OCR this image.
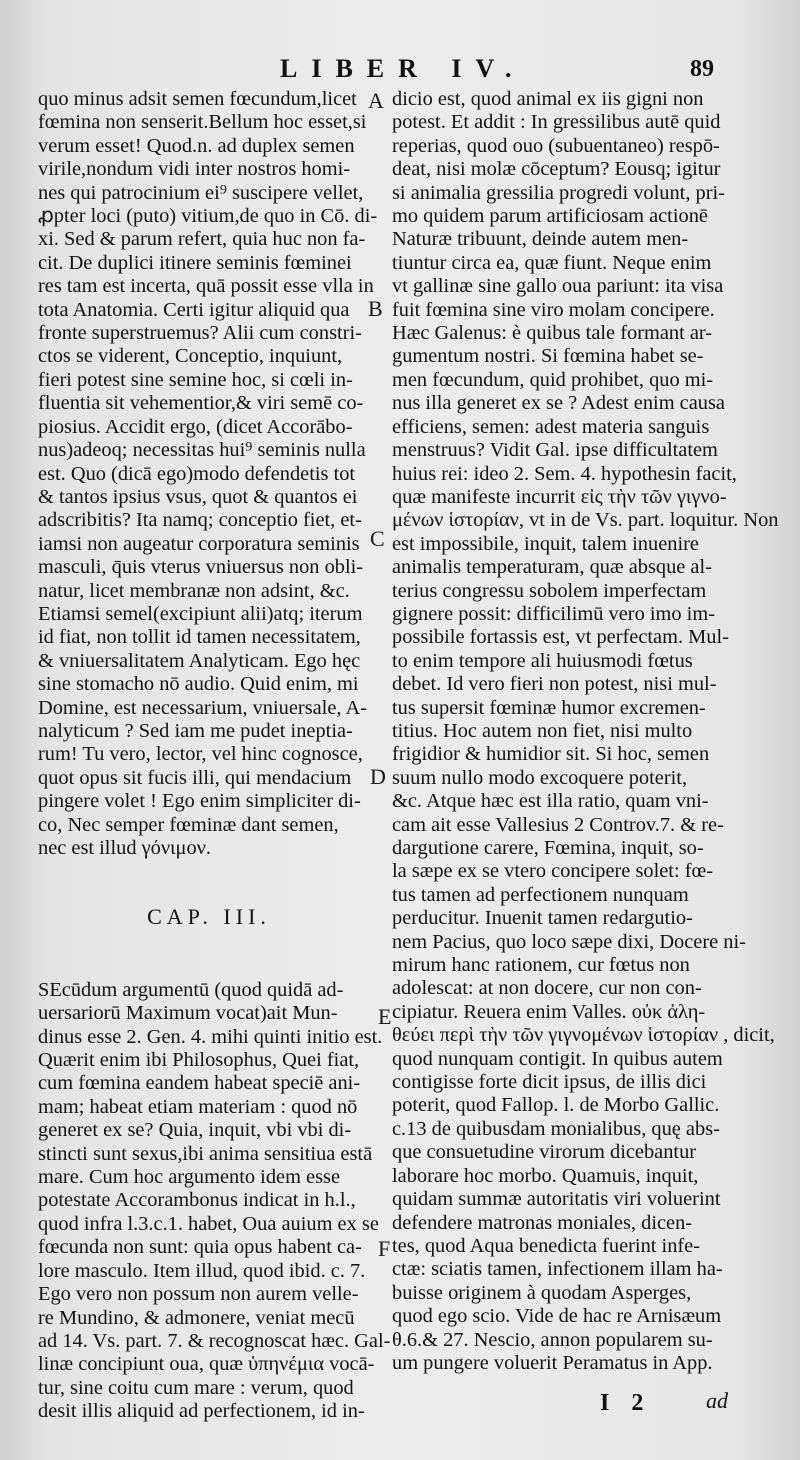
LIBER IV.	89
quo minus adsit semen fœcundum,licet
fœmina non senserit.Bellum hoc esset,si
verum esset! Quod.n. ad duplex semen
virile,nondum vidi inter nostros homi-
nes qui patrocinium ei⁹ suscipere vellet,
ꝓpter loci (puto) vitium,de quo in Cō. di-
xi. Sed & parum refert, quia huc non fa-
cit. De duplici itinere seminis fœminei
res tam est incerta, quā possit esse vlla in
tota Anatomia. Certi igitur aliquid qua
fronte superstruemus? Alii cum constri-
ctos se viderent, Conceptio, inquiunt,
fieri potest sine semine hoc, si cœli in-
fluentia sit vehementior,& viri semē co-
piosius. Accidit ergo, (dicet Accorābo-
nus)adeoq; necessitas hui⁹ seminis nulla
est. Quo (dicā ego)modo defendetis tot
& tantos ipsius vsus, quot & quantos ei
adscribitis? Ita namq; conceptio fiet, et-
iamsi non augeatur corporatura seminis
masculi, q̄uis vterus vniuersus non obli-
natur, licet membranæ non adsint, &c.
Etiamsi semel(excipiunt alii)atq; iterum
id fiat, non tollit id tamen necessitatem,
& vniuersalitatem Analyticam. Ego hęc
sine stomacho nō audio. Quid enim, mi
Domine, est necessarium, vniuersale, A-
nalyticum ? Sed iam me pudet ineptia-
rum! Tu vero, lector, vel hinc cognosce,
quot opus sit fucis illi, qui mendacium
pingere volet ! Ego enim simpliciter di-
co, Nec semper fœminæ dant semen,
nec est illud γόνιμον.
CAP. III.
SEcūdum argumentū (quod quidā ad-
uersariorū Maximum vocat)ait Mun-
dinus esse 2. Gen. 4. mihi quinti initio est.
Quærit enim ibi Philosophus, Quei fiat,
cum fœmina eandem habeat speciē ani-
mam; habeat etiam materiam : quod nō
generet ex se? Quia, inquit, vbi vbi di-
stincti sunt sexus,ibi anima sensitiua estā
mare. Cum hoc argumento idem esse
potestate Accorambonus indicat in h.l.,
quod infra l.3.c.1. habet, Oua auium ex se
fœcunda non sunt: quia opus habent ca-
lore masculo. Item illud, quod ibid. c. 7.
Ego vero non possum non aurem velle-
re Mundino, & admonere, veniat mecū
ad 14. Vs. part. 7. & recognoscat hæc. Gal-
linæ concipiunt oua, quæ ὑπηνέμια vocā-
tur, sine coitu cum mare : verum, quod
desit illis aliquid ad perfectionem, id in-
dicio est, quod animal ex iis gigni non
potest. Et addit : In gressilibus autē quid
reperias, quod ouo (subuentaneo) respō-
deat, nisi molæ cōceptum? Eousq; igitur
si animalia gressilia progredi volunt, pri-
mo quidem parum artificiosam actionē
Naturæ tribuunt, deinde autem men-
tiuntur circa ea, quæ fiunt. Neque enim
vt gallinæ sine gallo oua pariunt: ita visa
fuit fœmina sine viro molam concipere.
Hæc Galenus: è quibus tale formant ar-
gumentum nostri. Si fœmina habet se-
men fœcundum, quid prohibet, quo mi-
nus illa generet ex se ? Adest enim causa
efficiens, semen: adest materia sanguis
menstruus? Vidit Gal. ipse difficultatem
huius rei: ideo 2. Sem. 4. hypothesin facit,
quæ manifeste incurrit εἰς τὴν τῶν γιγνο-
μένων ἱστορίαν, vt in de Vs. part. loquitur. Non
est impossibile, inquit, talem inuenire
animalis temperaturam, quæ absque al-
terius congressu sobolem imperfectam
gignere possit: difficilimū vero imo im-
possibile fortassis est, vt perfectam. Mul-
to enim tempore ali huiusmodi fœtus
debet. Id vero fieri non potest, nisi mul-
tus supersit fœminæ humor excremen-
titius. Hoc autem non fiet, nisi multo
frigidior & humidior sit. Si hoc, semen
suum nullo modo excoquere poterit,
&c. Atque hæc est illa ratio, quam vni-
cam ait esse Vallesius 2 Controv.7. & re-
dargutione carere, Fœmina, inquit, so-
la sæpe ex se vtero concipere solet: fœ-
tus tamen ad perfectionem nunquam
perducitur. Inuenit tamen redargutio-
nem Pacius, quo loco sæpe dixi, Docere ni-
mirum hanc rationem, cur fœtus non
adolescat: at non docere, cur non con-
cipiatur. Reuera enim Valles. οὐκ ἀλη-
θεύει περὶ τὴν τῶν γιγνομένων ἱστορίαν , dicit,
quod nunquam contigit. In quibus autem
contigisse forte dicit ipsus, de illis dici
poterit, quod Fallop. l. de Morbo Gallic.
c.13 de quibusdam monialibus, quę abs-
que consuetudine virorum dicebantur
laborare hoc morbo. Quamuis, inquit,
quidam summæ autoritatis viri voluerint
defendere matronas moniales, dicen-
tes, quod Aqua benedicta fuerint infe-
ctæ: sciatis tamen, infectionem illam ha-
buisse originem à quodam Asperges,
quod ego scio. Vide de hac re Arnisæum
θ.6.& 27. Nescio, annon popularem su-
um pungere voluerit Peramatus in App.
A
B
C
D
E
F
I 2 ad
